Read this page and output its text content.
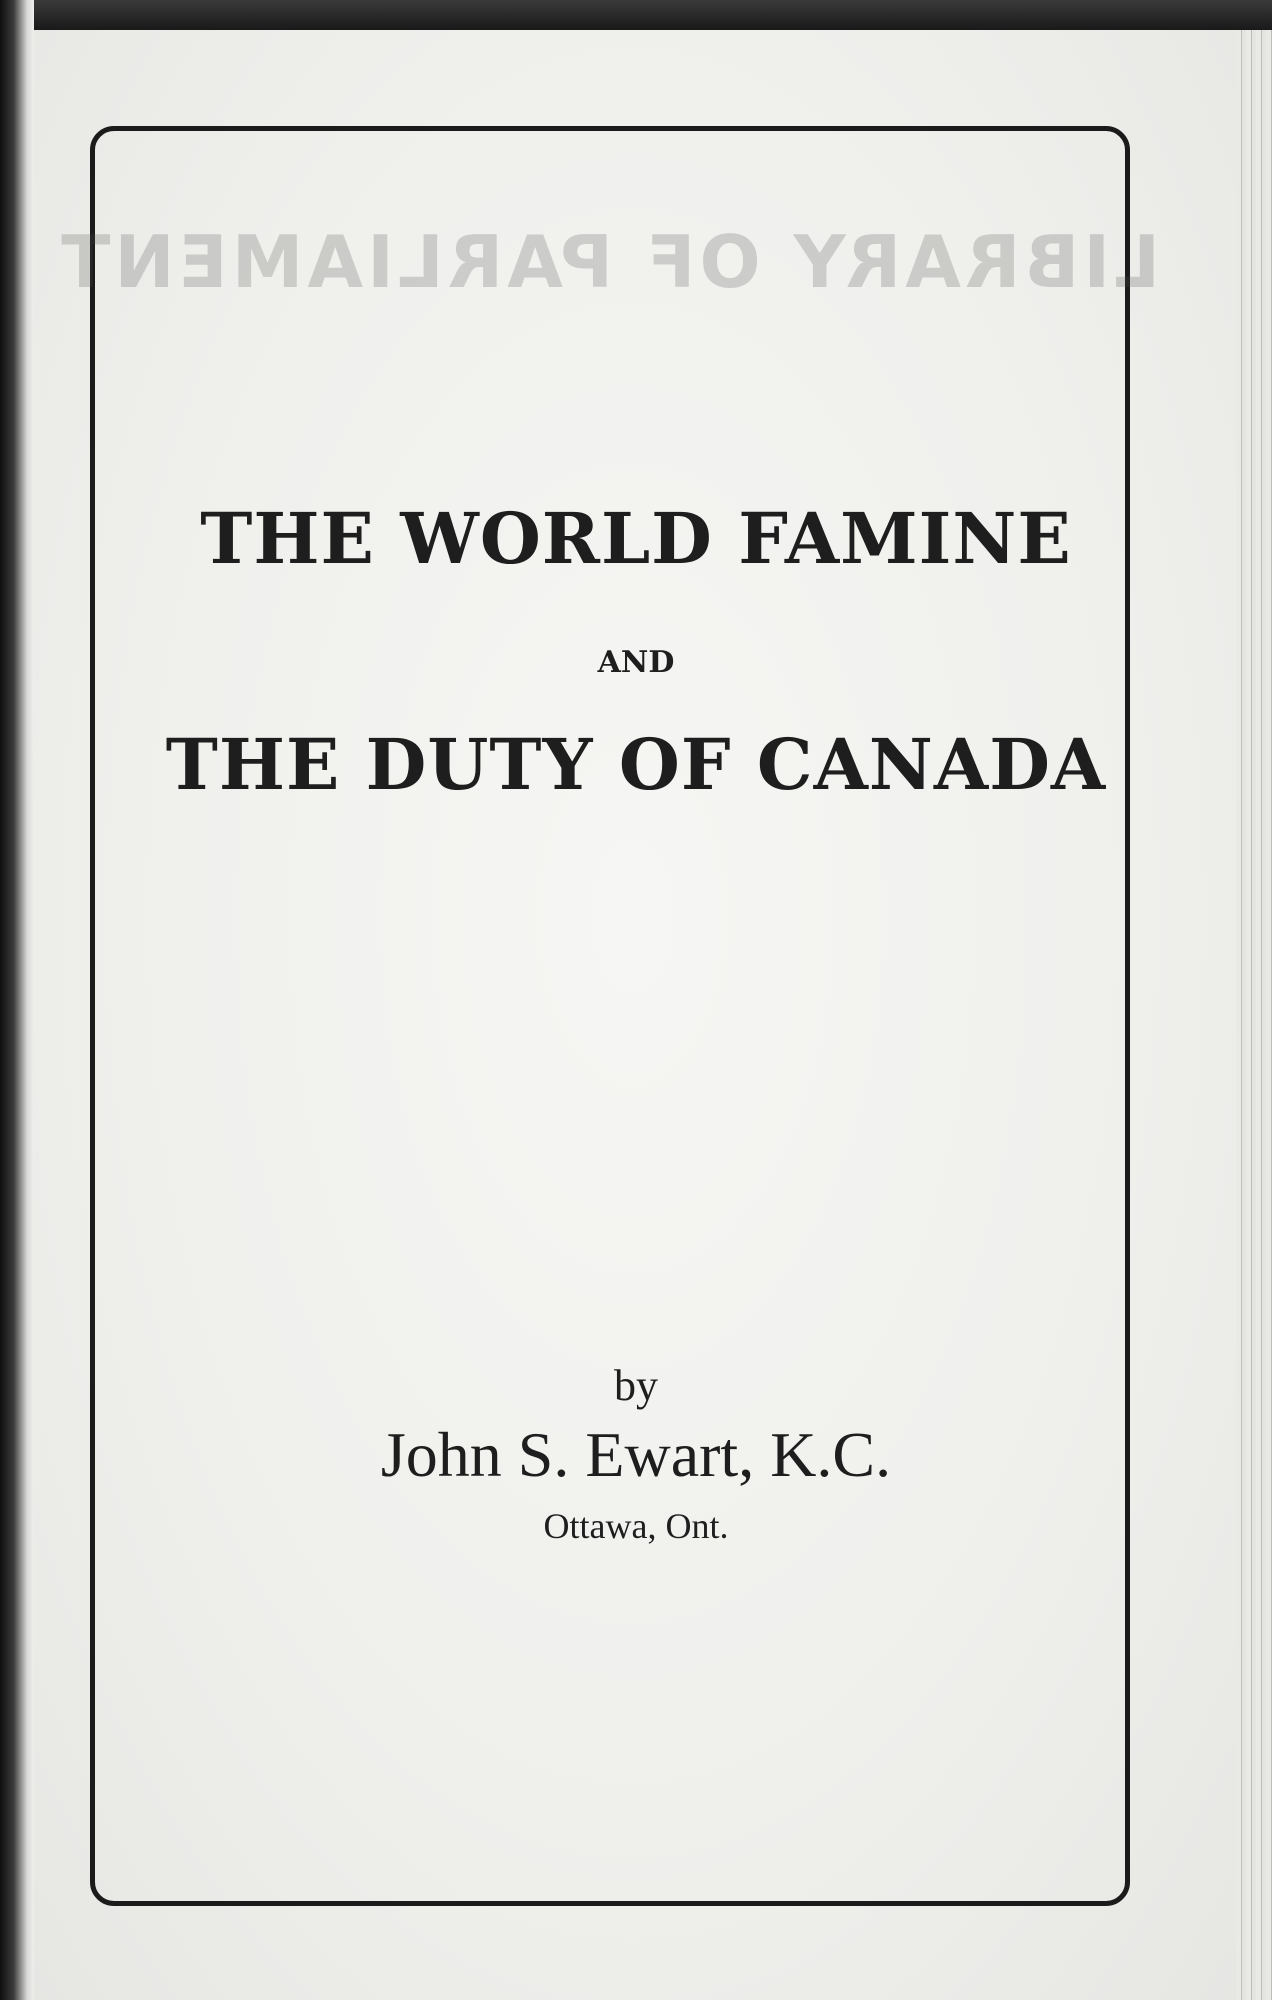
LIBRARY OF PARLIAMENT
THE WORLD FAMINE
AND
THE DUTY OF CANADA
by
John S. Ewart, K.C.
Ottawa, Ont.
